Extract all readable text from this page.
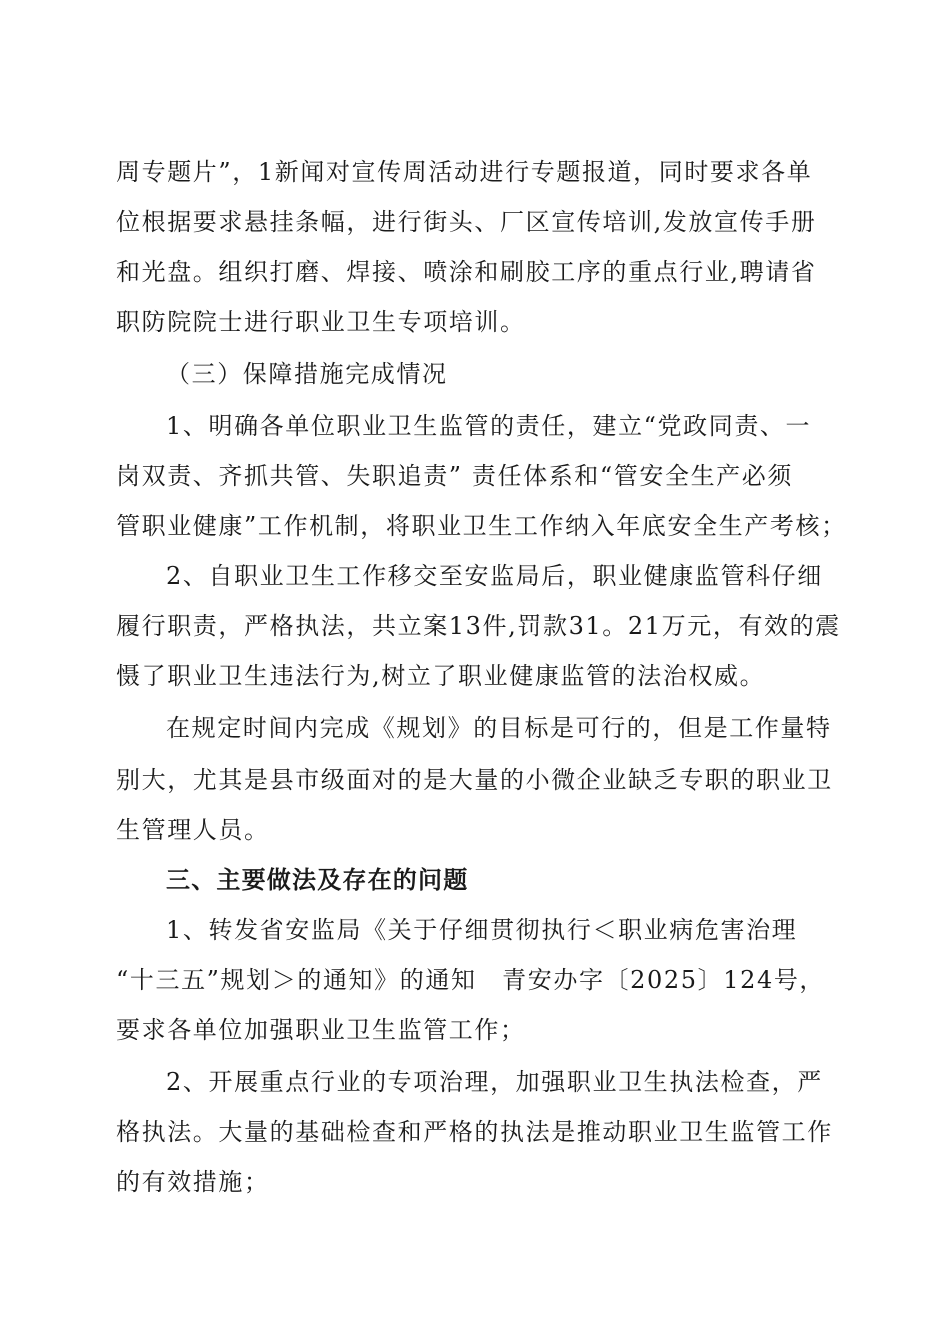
周专题片”，1新闻对宣传周活动进行专题报道，同时要求各单
位根据要求悬挂条幅，进行街头、厂区宣传培训,发放宣传手册
和光盘。组织打磨、焊接、喷涂和刷胶工序的重点行业,聘请省
职防院院士进行职业卫生专项培训。
（三）保障措施完成情况
1、明确各单位职业卫生监管的责任，建立“党政同责、一
岗双责、齐抓共管、失职追责” 责任体系和“管安全生产必须
管职业健康”工作机制，将职业卫生工作纳入年底安全生产考核；
2、自职业卫生工作移交至安监局后，职业健康监管科仔细
履行职责，严格执法，共立案13件,罚款31。21万元，有效的震
慑了职业卫生违法行为,树立了职业健康监管的法治权威。
在规定时间内完成《规划》的目标是可行的，但是工作量特
别大，尤其是县市级面对的是大量的小微企业缺乏专职的职业卫
生管理人员。
三、主要做法及存在的问题
1、转发省安监局《关于仔细贯彻执行＜职业病危害治理
“十三五”规划＞的通知》的通知　青安办字〔2025〕124号，
要求各单位加强职业卫生监管工作；
2、开展重点行业的专项治理，加强职业卫生执法检查，严
格执法。大量的基础检查和严格的执法是推动职业卫生监管工作
的有效措施；
